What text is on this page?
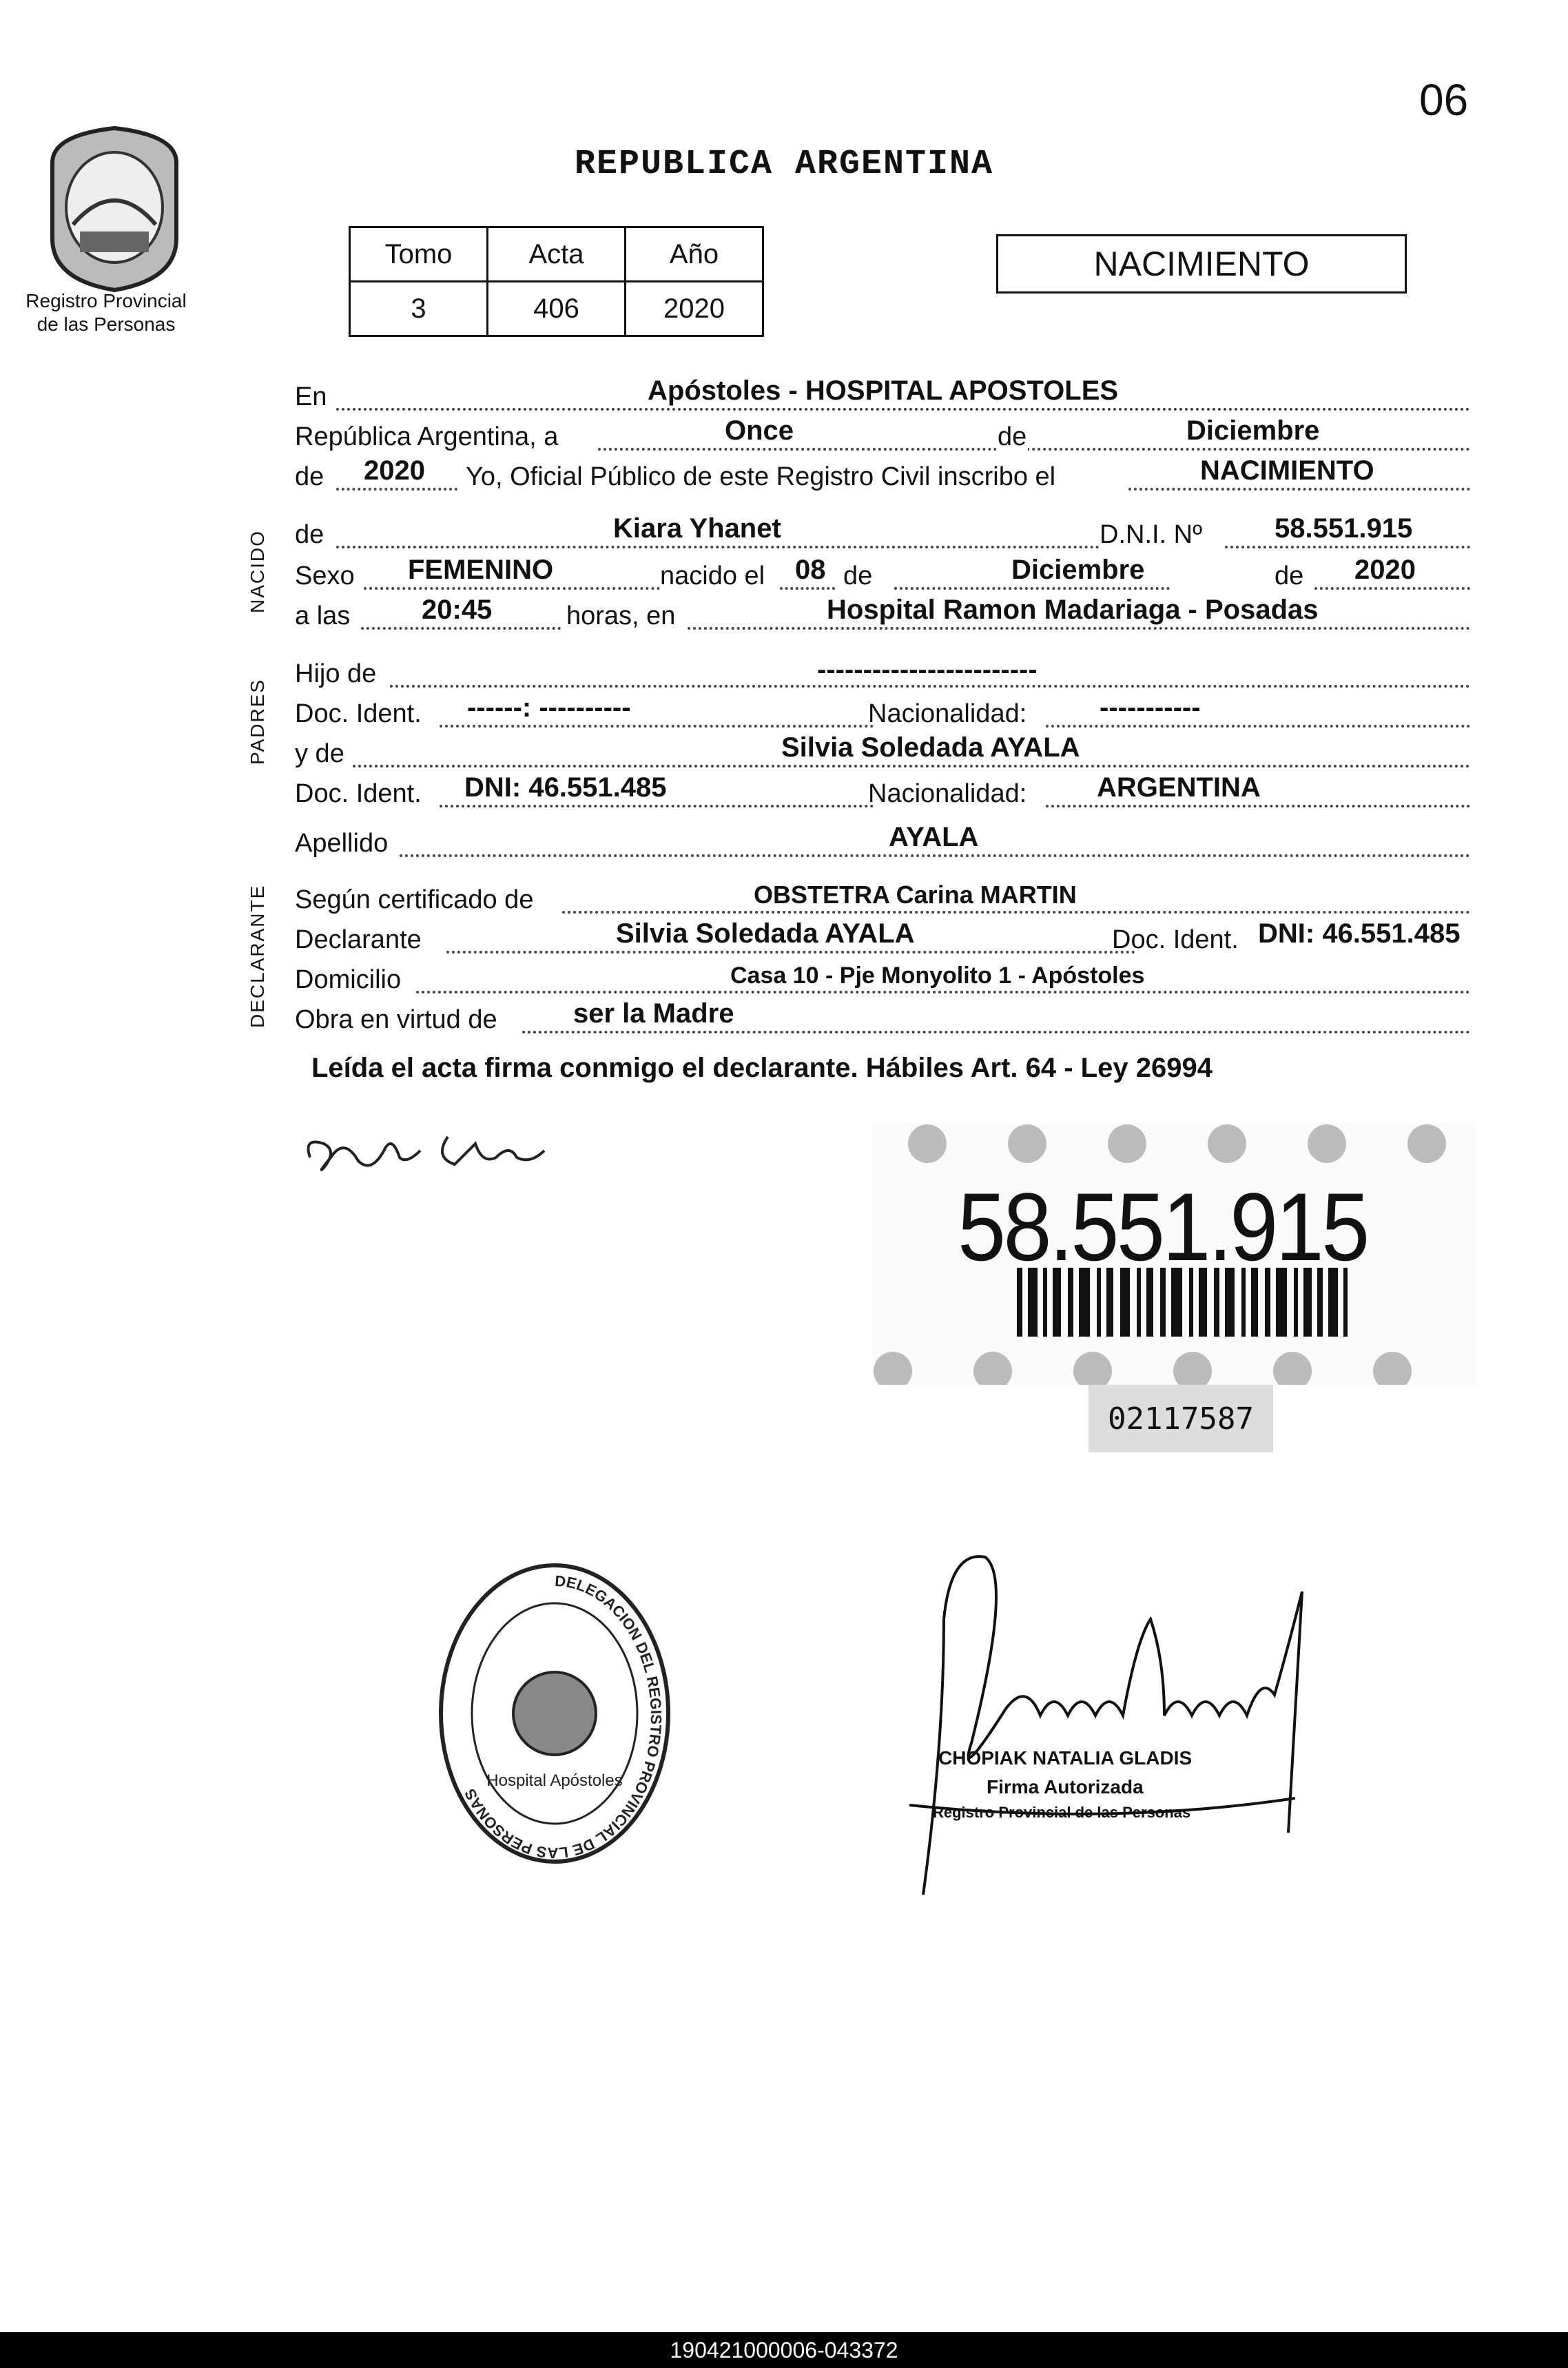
06
Registro Provincial
de las Personas
REPUBLICA ARGENTINA
Tomo	Acta	Año
3	406	2020
NACIMIENTO
NACIDO
PADRES
DECLARANTE
En	Apóstoles - HOSPITAL APOSTOLES
República Argentina, a	Once	de	Diciembre
de 2020 Yo, Oficial Público de este Registro Civil inscribo el	NACIMIENTO
de	Kiara Yhanet	D.N.I. Nº	58.551.915
Sexo FEMENINO	nacido el 08 de	Diciembre	de 2020
a las	20:45	horas, en	Hospital Ramon Madariaga - Posadas
Hijo de	------------------------
Doc. Ident. ------: ----------	Nacionalidad:	-----------
y de	Silvia Soledada AYALA
Doc. Ident. DNI: 46.551.485	Nacionalidad:	ARGENTINA
Apellido	AYALA
Según certificado de	OBSTETRA Carina MARTIN
Declarante	Silvia Soledada AYALA	Doc. Ident. DNI: 46.551.485
Domicilio	Casa 10 - Pje Monyolito 1 - Apóstoles
Obra en virtud de	ser la Madre
Leída el acta firma conmigo el declarante. Hábiles Art. 64 - Ley 26994
58.551.915
02117587
DELEGACION DEL REGISTRO PROVINCIAL DE LAS PERSONAS
Hospital Apóstoles
CHOPIAK NATALIA GLADIS
Firma Autorizada
Registro Provincial de las Personas
190421000006-043372
